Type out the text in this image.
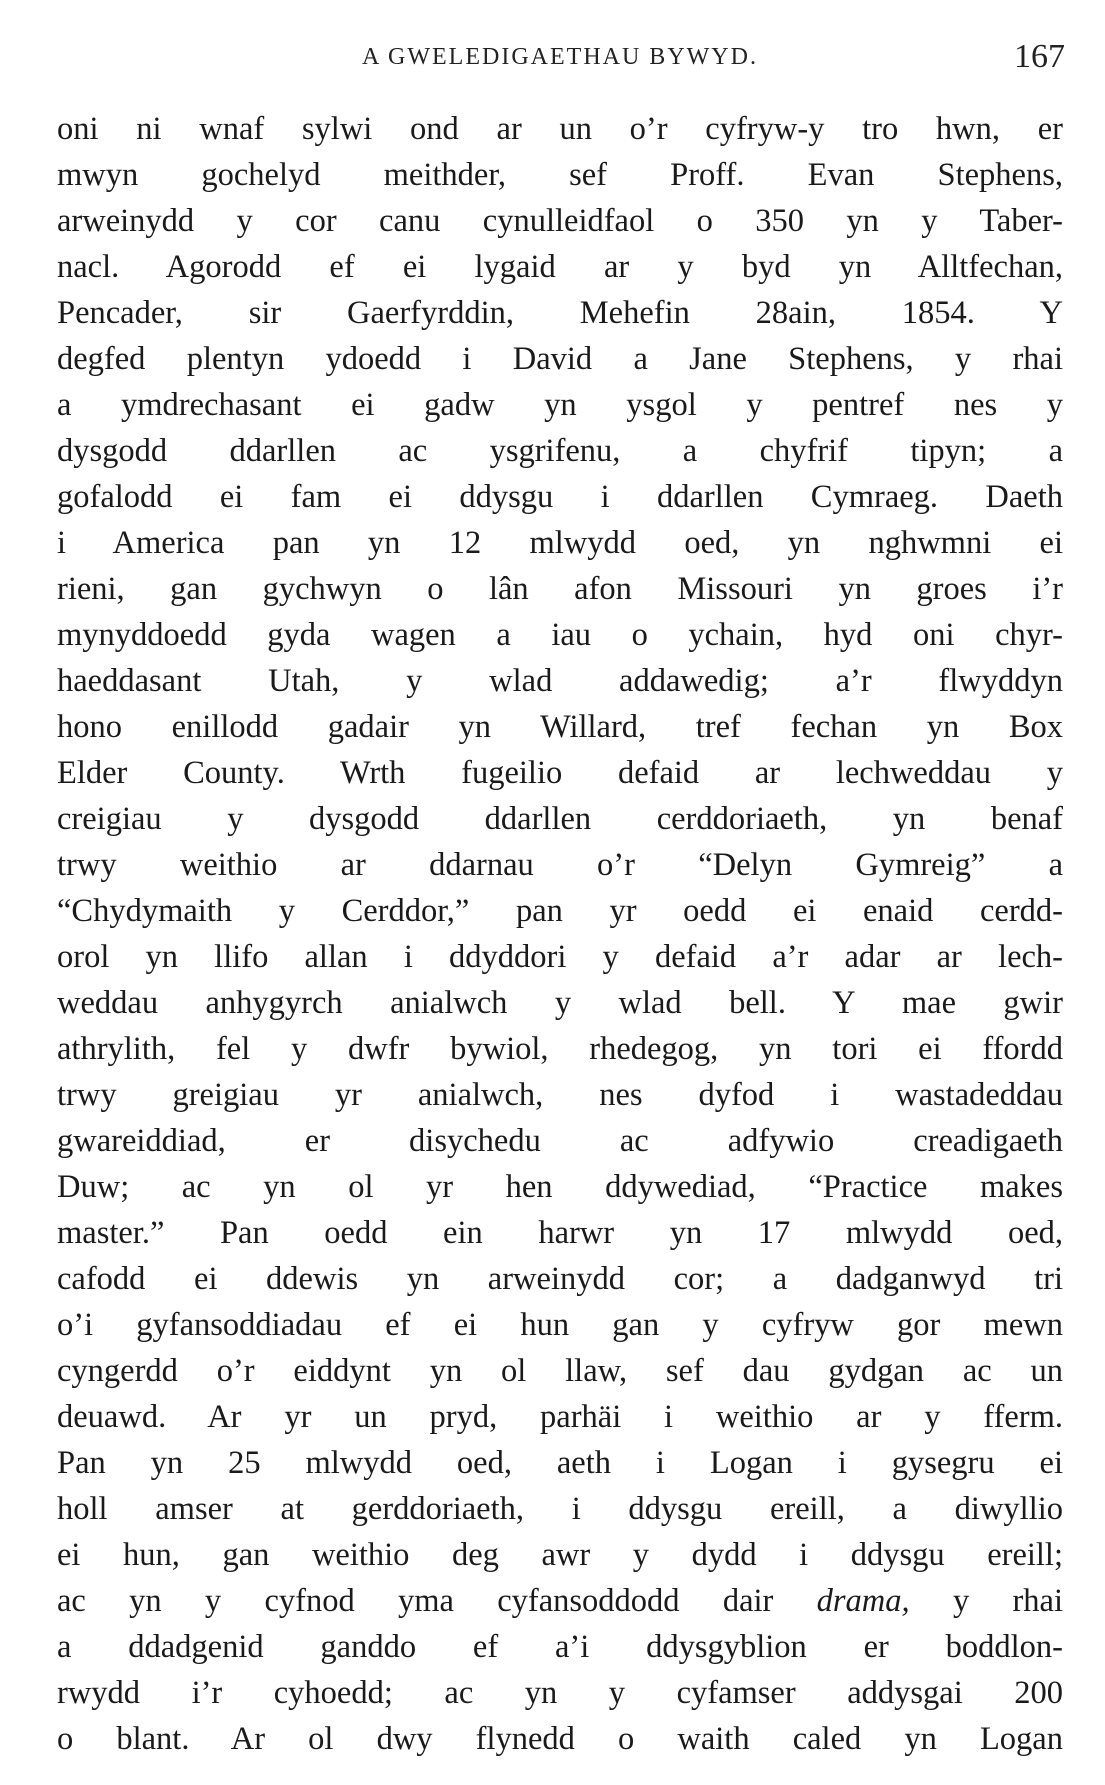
A GWELEDIGAETHAU BYWYD.	167
oni ni wnaf sylwi ond ar un o’r cyfryw-y tro hwn, er
mwyn gochelyd meithder, sef Proff. Evan Stephens,
arweinydd y cor canu cynulleidfaol o 350 yn y Taber-
nacl. Agorodd ef ei lygaid ar y byd yn Alltfechan,
Pencader, sir Gaerfyrddin, Mehefin 28ain, 1854. Y
degfed plentyn ydoedd i David a Jane Stephens, y rhai
a ymdrechasant ei gadw yn ysgol y pentref nes y
dysgodd ddarllen ac ysgrifenu, a chyfrif tipyn; a
gofalodd ei fam ei ddysgu i ddarllen Cymraeg. Daeth
i America pan yn 12 mlwydd oed, yn nghwmni ei
rieni, gan gychwyn o lân afon Missouri yn groes i’r
mynyddoedd gyda wagen a iau o ychain, hyd oni chyr-
haeddasant Utah, y wlad addawedig; a’r flwyddyn
hono enillodd gadair yn Willard, tref fechan yn Box
Elder County. Wrth fugeilio defaid ar lechweddau y
creigiau y dysgodd ddarllen cerddoriaeth, yn benaf
trwy weithio ar ddarnau o’r “Delyn Gymreig” a
“Chydymaith y Cerddor,” pan yr oedd ei enaid cerdd-
orol yn llifo allan i ddyddori y defaid a’r adar ar lech-
weddau anhygyrch anialwch y wlad bell. Y mae gwir
athrylith, fel y dwfr bywiol, rhedegog, yn tori ei ffordd
trwy greigiau yr anialwch, nes dyfod i wastadeddau
gwareiddiad, er disychedu ac adfywio creadigaeth
Duw; ac yn ol yr hen ddywediad, “Practice makes
master.” Pan oedd ein harwr yn 17 mlwydd oed,
cafodd ei ddewis yn arweinydd cor; a dadganwyd tri
o’i gyfansoddiadau ef ei hun gan y cyfryw gor mewn
cyngerdd o’r eiddynt yn ol llaw, sef dau gydgan ac un
deuawd. Ar yr un pryd, parhäi i weithio ar y fferm.
Pan yn 25 mlwydd oed, aeth i Logan i gysegru ei
holl amser at gerddoriaeth, i ddysgu ereill, a diwyllio
ei hun, gan weithio deg awr y dydd i ddysgu ereill;
ac yn y cyfnod yma cyfansoddodd dair drama, y rhai
a ddadgenid ganddo ef a’i ddysgyblion er boddlon-
rwydd i’r cyhoedd; ac yn y cyfamser addysgai 200
o blant. Ar ol dwy flynedd o waith caled yn Logan
